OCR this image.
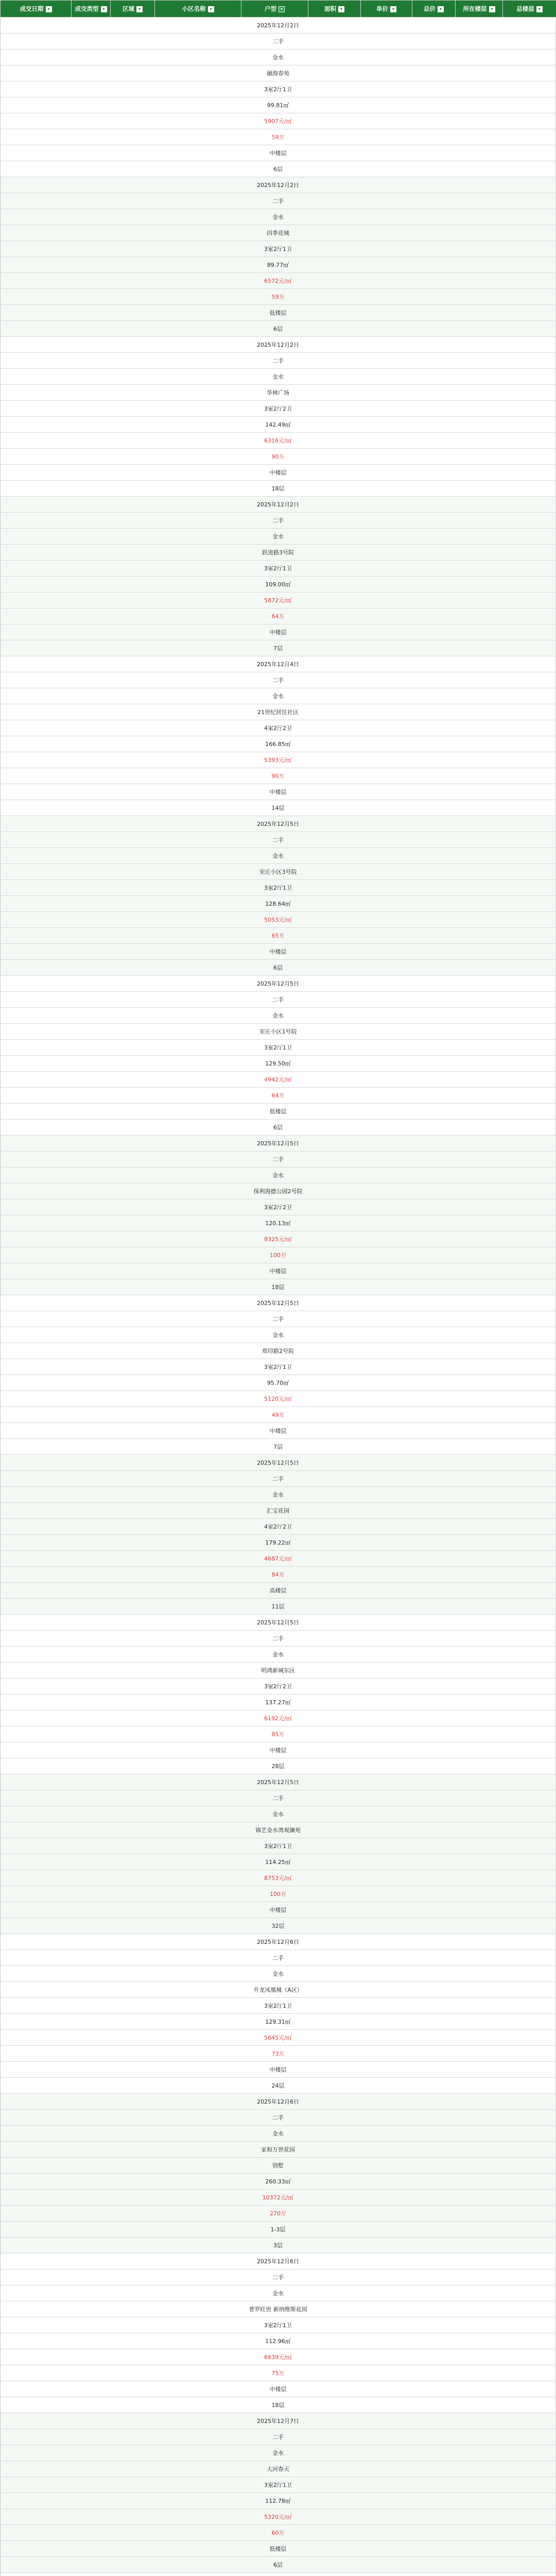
成交日期 ▾	成交类型 ▾	区域 ▾	小区名称 ▾	户型 ▾	面积 ▾	单价 ▾	总价 ▾	所在楼层 ▾	总楼层 ▾
2025年12月2日
二手
金水
融海春苑
3室2厅1卫
99.81㎡
5907元/㎡
59万
中楼层
6层
2025年12月2日
二手
金水
四季花城
3室2厅1卫
89.77㎡
6572元/㎡
59万
低楼层
6层
2025年12月2日
二手
金水
华林广场
3室2厅2卫
142.49㎡
6316元/㎡
90万
中楼层
18层
2025年12月2日
二手
金水
跃进路3号院
3室2厅1卫
109.00㎡
5872元/㎡
64万
中楼层
7层
2025年12月4日
二手
金水
21世纪居住社区
4室2厅2卫
166.85㎡
5393元/㎡
90万
中楼层
14层
2025年12月5日
二手
金水
宋庄小区3号院
3室2厅1卫
128.64㎡
5053元/㎡
65万
中楼层
6层
2025年12月5日
二手
金水
宋庄小区1号院
3室2厅1卫
129.50㎡
4942元/㎡
64万
低楼层
6层
2025年12月5日
二手
金水
保利海德公园2号院
3室2厅2卫
120.13㎡
8325元/㎡
100万
中楼层
18层
2025年12月5日
二手
金水
郑印路2号院
3室2厅1卫
95.70㎡
5120元/㎡
49万
中楼层
7层
2025年12月5日
二手
金水
汇宝花园
4室2厅2卫
179.22㎡
4687元/㎡
84万
高楼层
11层
2025年12月5日
二手
金水
明鸿新城东区
3室2厅2卫
137.27㎡
6192元/㎡
85万
中楼层
28层
2025年12月5日
二手
金水
锦艺金水湾观澜苑
3室2厅1卫
114.25㎡
8753元/㎡
100万
中楼层
32层
2025年12月6日
二手
金水
升龙凤凰城（A区）
3室2厅1卫
129.31㎡
5645元/㎡
73万
中楼层
24层
2025年12月6日
二手
金水
家和万世花园
别墅
260.33㎡
10372元/㎡
270万
1-3层
3层
2025年12月6日
二手
金水
普罗旺世 新纳维斯花园
3室2厅1卫
112.96㎡
6639元/㎡
75万
中楼层
18层
2025年12月7日
二手
金水
大河春天
3室2厅1卫
112.78㎡
5320元/㎡
60万
低楼层
6层
